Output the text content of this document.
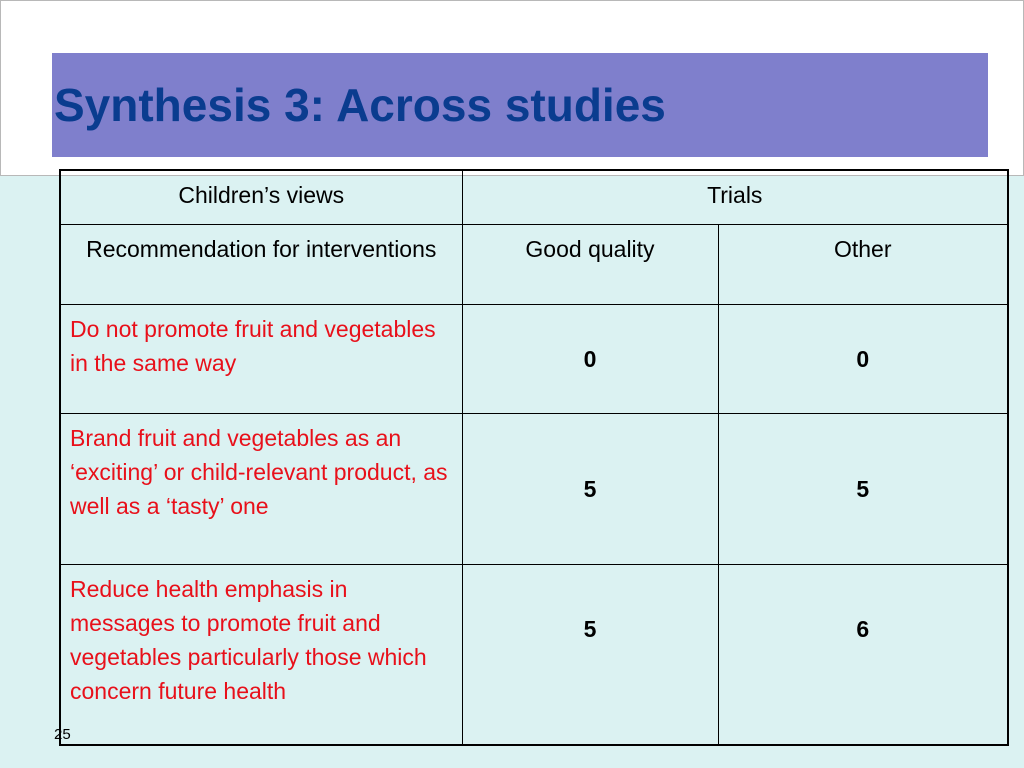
Synthesis 3: Across studies
Children’s views	Trials	
Recommendation for interventions	Good quality	Other
Do not promote fruit and vegetables in the same way	0	0
Brand fruit and vegetables as an ‘exciting’ or child-relevant product, as well as a ‘tasty’ one	5	5
Reduce health emphasis in messages to promote fruit and vegetables particularly those which concern future health	5	6
25
